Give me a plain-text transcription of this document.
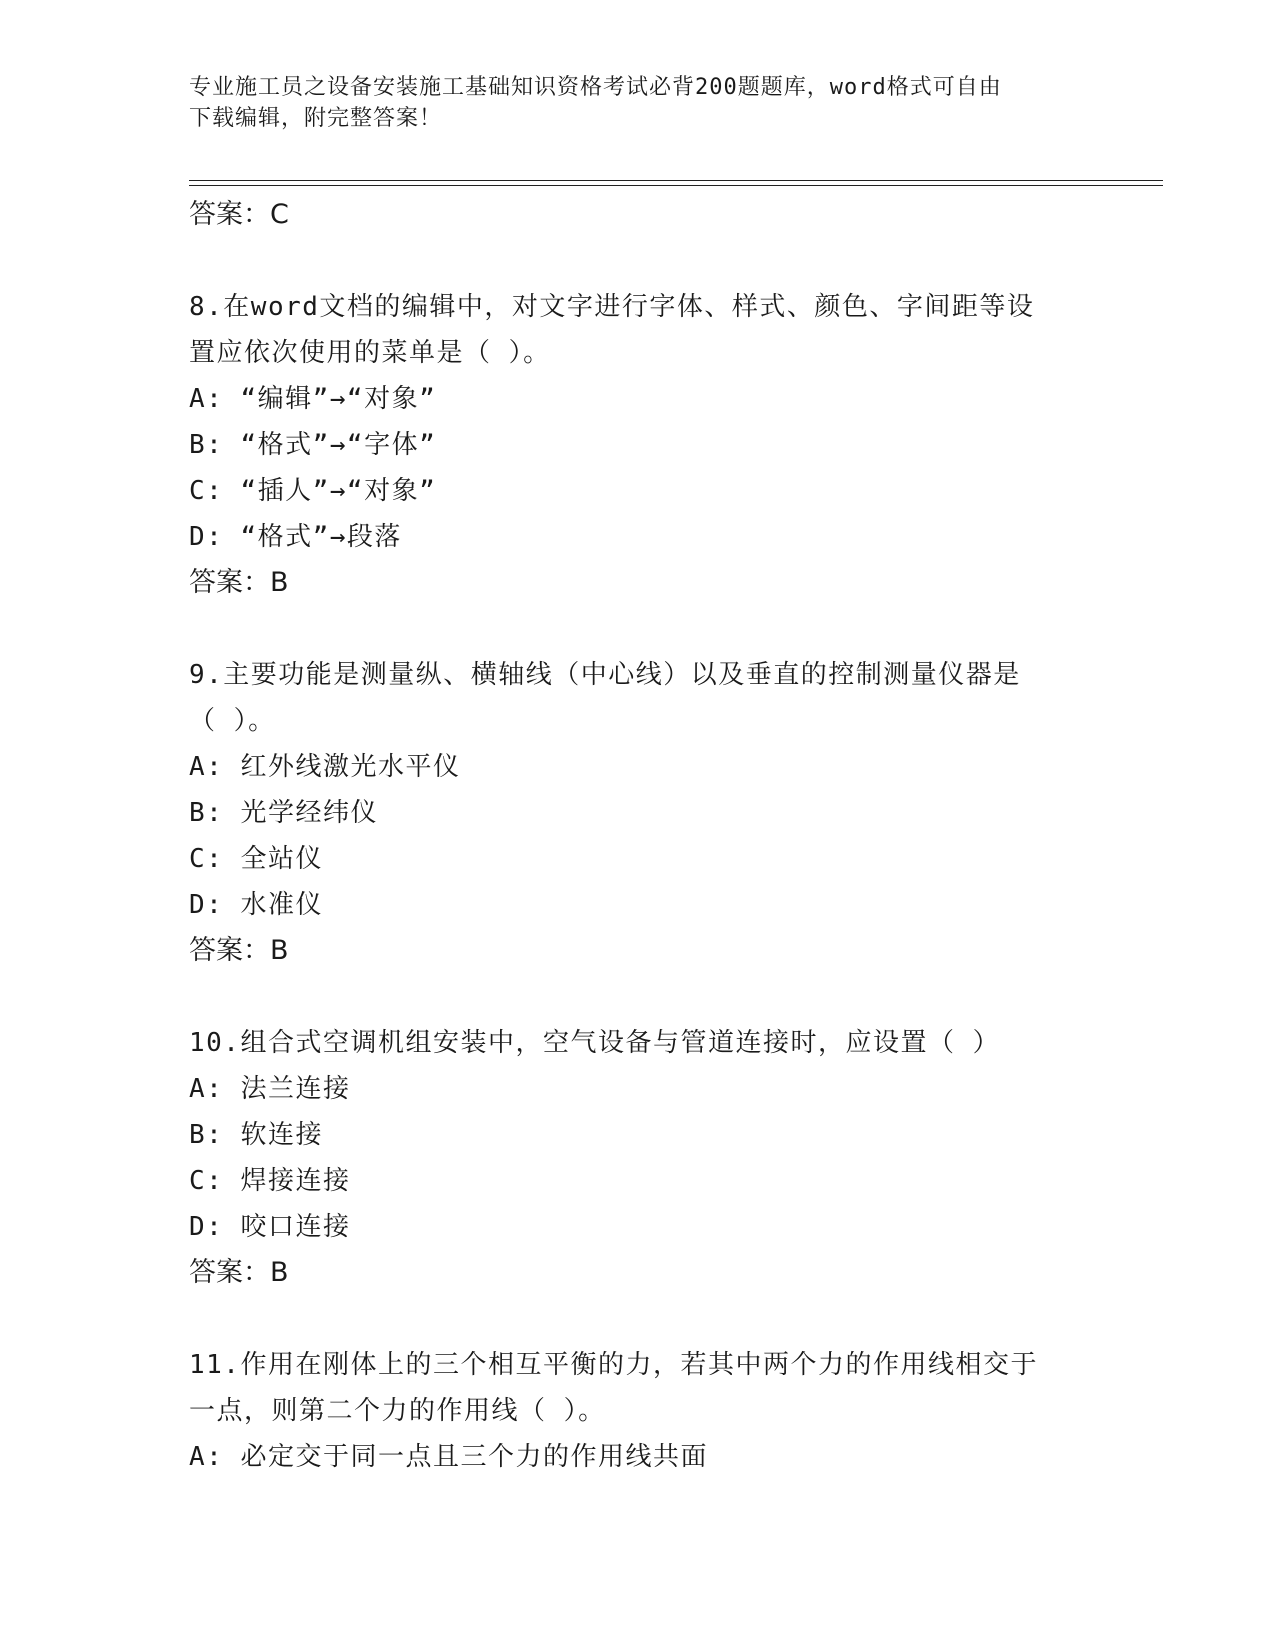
专业施工员之设备安装施工基础知识资格考试必背200题题库，word格式可自由
下载编辑，附完整答案！
答案：C
8.在word文档的编辑中，对文字进行字体、样式、颜色、字间距等设
置应依次使用的菜单是（ ）。
A: “编辑”→“对象”
B: “格式”→“字体”
C: “插人”→“对象”
D: “格式”→段落
答案：B
9.主要功能是测量纵、横轴线（中心线）以及垂直的控制测量仪器是
（ ）。
A: 红外线激光水平仪
B: 光学经纬仪
C: 全站仪
D: 水准仪
答案：B
10.组合式空调机组安装中，空气设备与管道连接时，应设置（ ）
A: 法兰连接
B: 软连接
C: 焊接连接
D: 咬口连接
答案：B
11.作用在刚体上的三个相互平衡的力，若其中两个力的作用线相交于
一点，则第二个力的作用线（ ）。
A: 必定交于同一点且三个力的作用线共面
